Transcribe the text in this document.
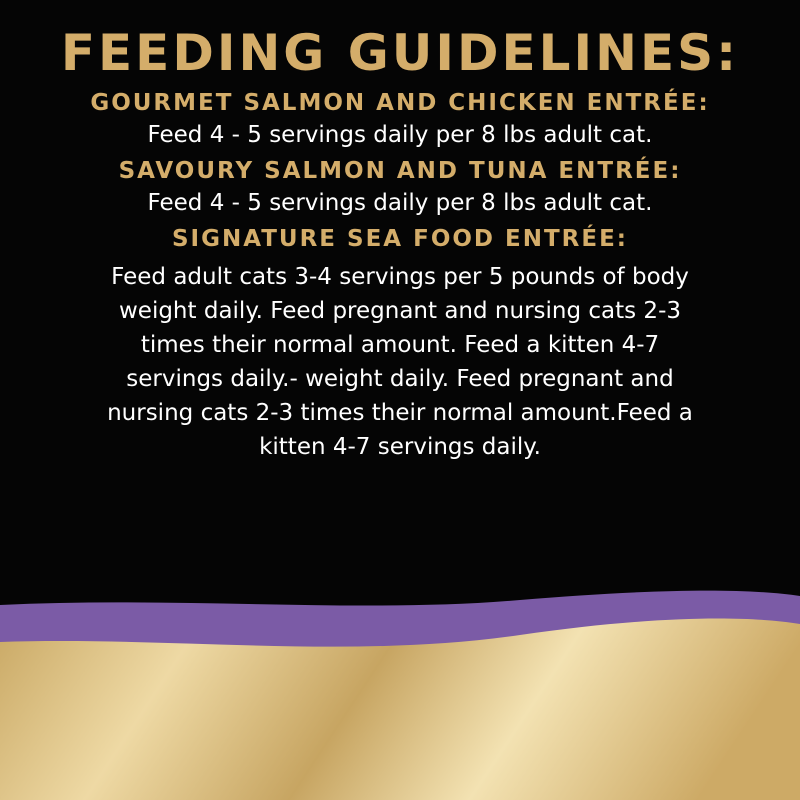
FEEDING GUIDELINES:
GOURMET SALMON AND CHICKEN ENTRÉE:
Feed 4 - 5 servings daily per 8 lbs adult cat.
SAVOURY SALMON AND TUNA ENTRÉE:
Feed 4 - 5 servings daily per 8 lbs adult cat.
SIGNATURE SEA FOOD ENTRÉE:
Feed adult cats 3-4 servings per 5 pounds of body weight daily. Feed pregnant and nursing cats 2-3 times their normal amount. Feed a kitten 4-7 servings daily.- weight daily. Feed pregnant and nursing cats 2-3 times their normal amount.Feed a kitten 4-7 servings daily.
